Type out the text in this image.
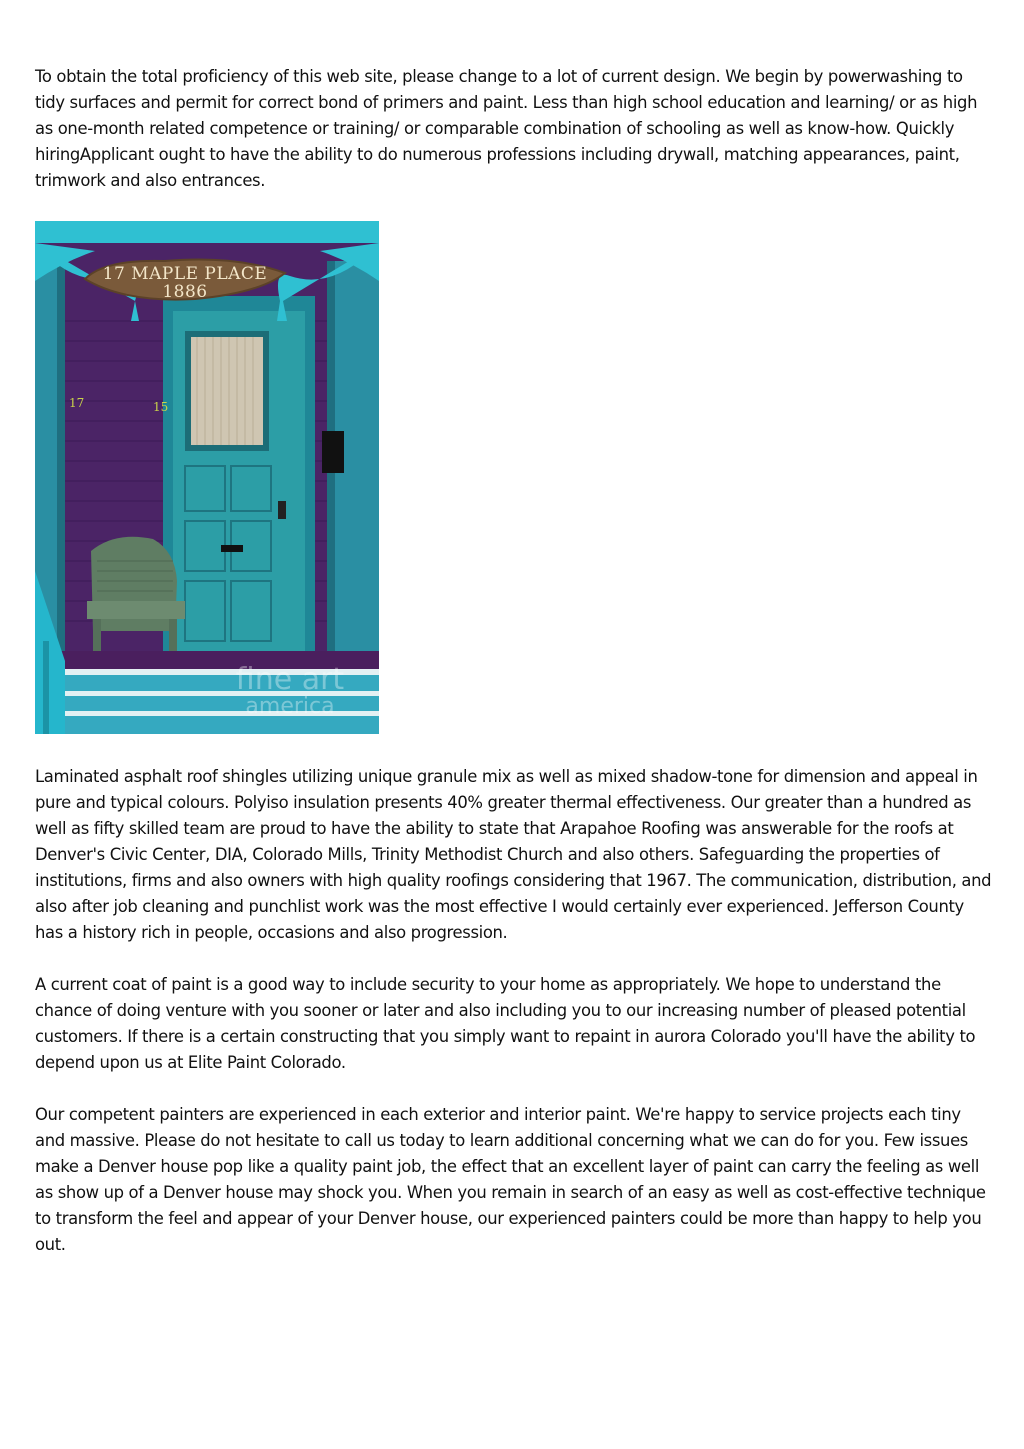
To obtain the total proficiency of this web site, please change to a lot of current design. We begin by powerwashing to tidy surfaces and permit for correct bond of primers and paint. Less than high school education and learning/ or as high as one-month related competence or training/ or comparable combination of schooling as well as know-how. Quickly hiringApplicant ought to have the ability to do numerous professions including drywall, matching appearances, paint, trimwork and also entrances.

17 MAPLE PLACE
1886
17	15
fine art
america

Laminated asphalt roof shingles utilizing unique granule mix as well as mixed shadow-tone for dimension and appeal in pure and typical colours. Polyiso insulation presents 40% greater thermal effectiveness. Our greater than a hundred as well as fifty skilled team are proud to have the ability to state that Arapahoe Roofing was answerable for the roofs at Denver's Civic Center, DIA, Colorado Mills, Trinity Methodist Church and also others. Safeguarding the properties of institutions, firms and also owners with high quality roofings considering that 1967. The communication, distribution, and also after job cleaning and punchlist work was the most effective I would certainly ever experienced. Jefferson County has a history rich in people, occasions and also progression.

A current coat of paint is a good way to include security to your home as appropriately. We hope to understand the chance of doing venture with you sooner or later and also including you to our increasing number of pleased potential customers. If there is a certain constructing that you simply want to repaint in aurora Colorado you'll have the ability to depend upon us at Elite Paint Colorado.

Our competent painters are experienced in each exterior and interior paint. We're happy to service projects each tiny and massive. Please do not hesitate to call us today to learn additional concerning what we can do for you. Few issues make a Denver house pop like a quality paint job, the effect that an excellent layer of paint can carry the feeling as well as show up of a Denver house may shock you. When you remain in search of an easy as well as cost-effective technique to transform the feel and appear of your Denver house, our experienced painters could be more than happy to help you out.
